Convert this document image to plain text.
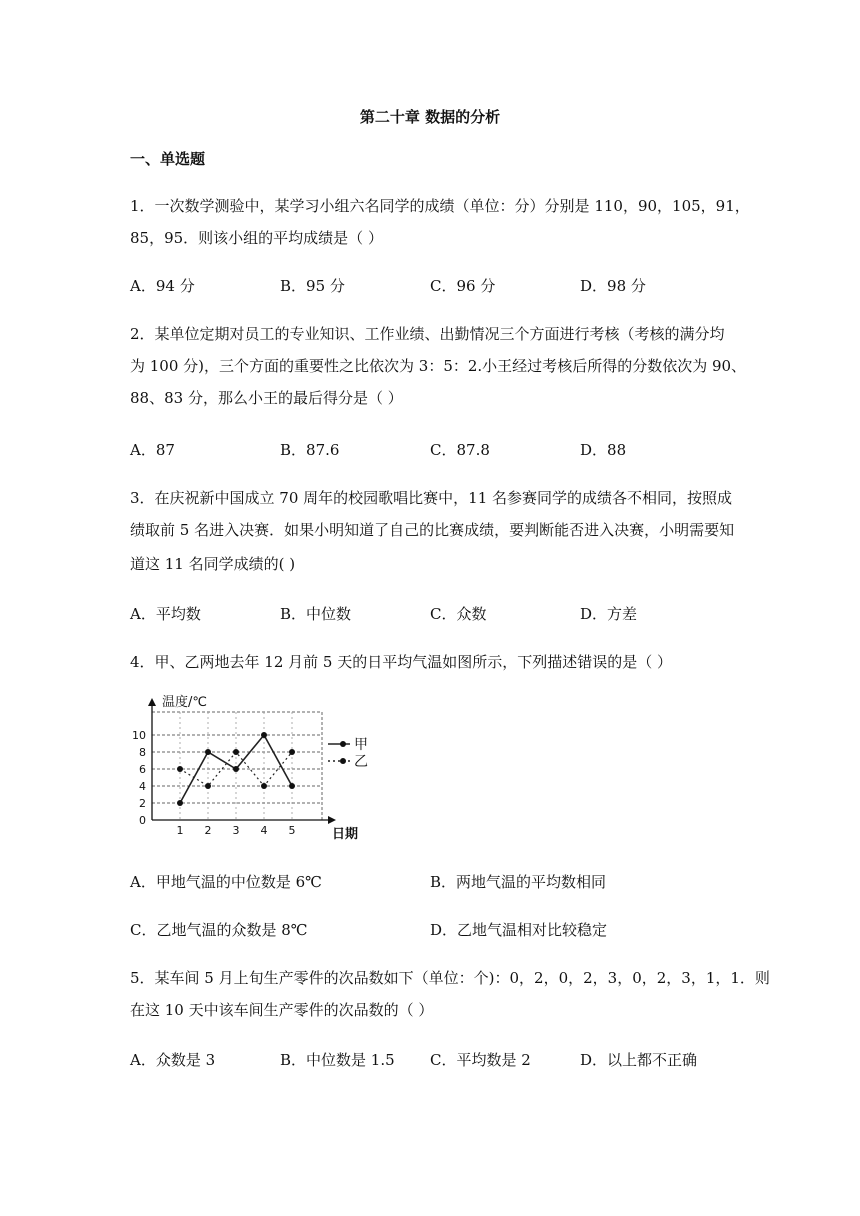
第二十章 数据的分析
一、单选题
1．一次数学测验中，某学习小组六名同学的成绩（单位：分）分别是 110，90，105，91，
85，95．则该小组的平均成绩是（ ）
A．94 分	B．95 分	C．96 分	D．98 分
2．某单位定期对员工的专业知识、工作业绩、出勤情况三个方面进行考核（考核的满分均
为 100 分)，三个方面的重要性之比依次为 3：5：2.小王经过考核后所得的分数依次为 90、
88、83 分，那么小王的最后得分是（ ）
A．87	B．87.6	C．87.8	D．88
3．在庆祝新中国成立 70 周年的校园歌唱比赛中，11 名参赛同学的成绩各不相同，按照成
绩取前 5 名进入决赛．如果小明知道了自己的比赛成绩，要判断能否进入决赛，小明需要知
道这 11 名同学成绩的( )
A．平均数	B．中位数	C．众数	D．方差
4．甲、乙两地去年 12 月前 5 天的日平均气温如图所示，下列描述错误的是（ ）
0
2
4
6
8
10
1 2 3 4 5
温度/℃
日期
甲
乙
A．甲地气温的中位数是 6℃	B．两地气温的平均数相同
C．乙地气温的众数是 8℃	D．乙地气温相对比较稳定
5．某车间 5 月上旬生产零件的次品数如下（单位：个)：0，2，0，2，3，0，2，3，1，1．则
在这 10 天中该车间生产零件的次品数的（ ）
A．众数是 3	B．中位数是 1.5 C．平均数是 2	D．以上都不正确
